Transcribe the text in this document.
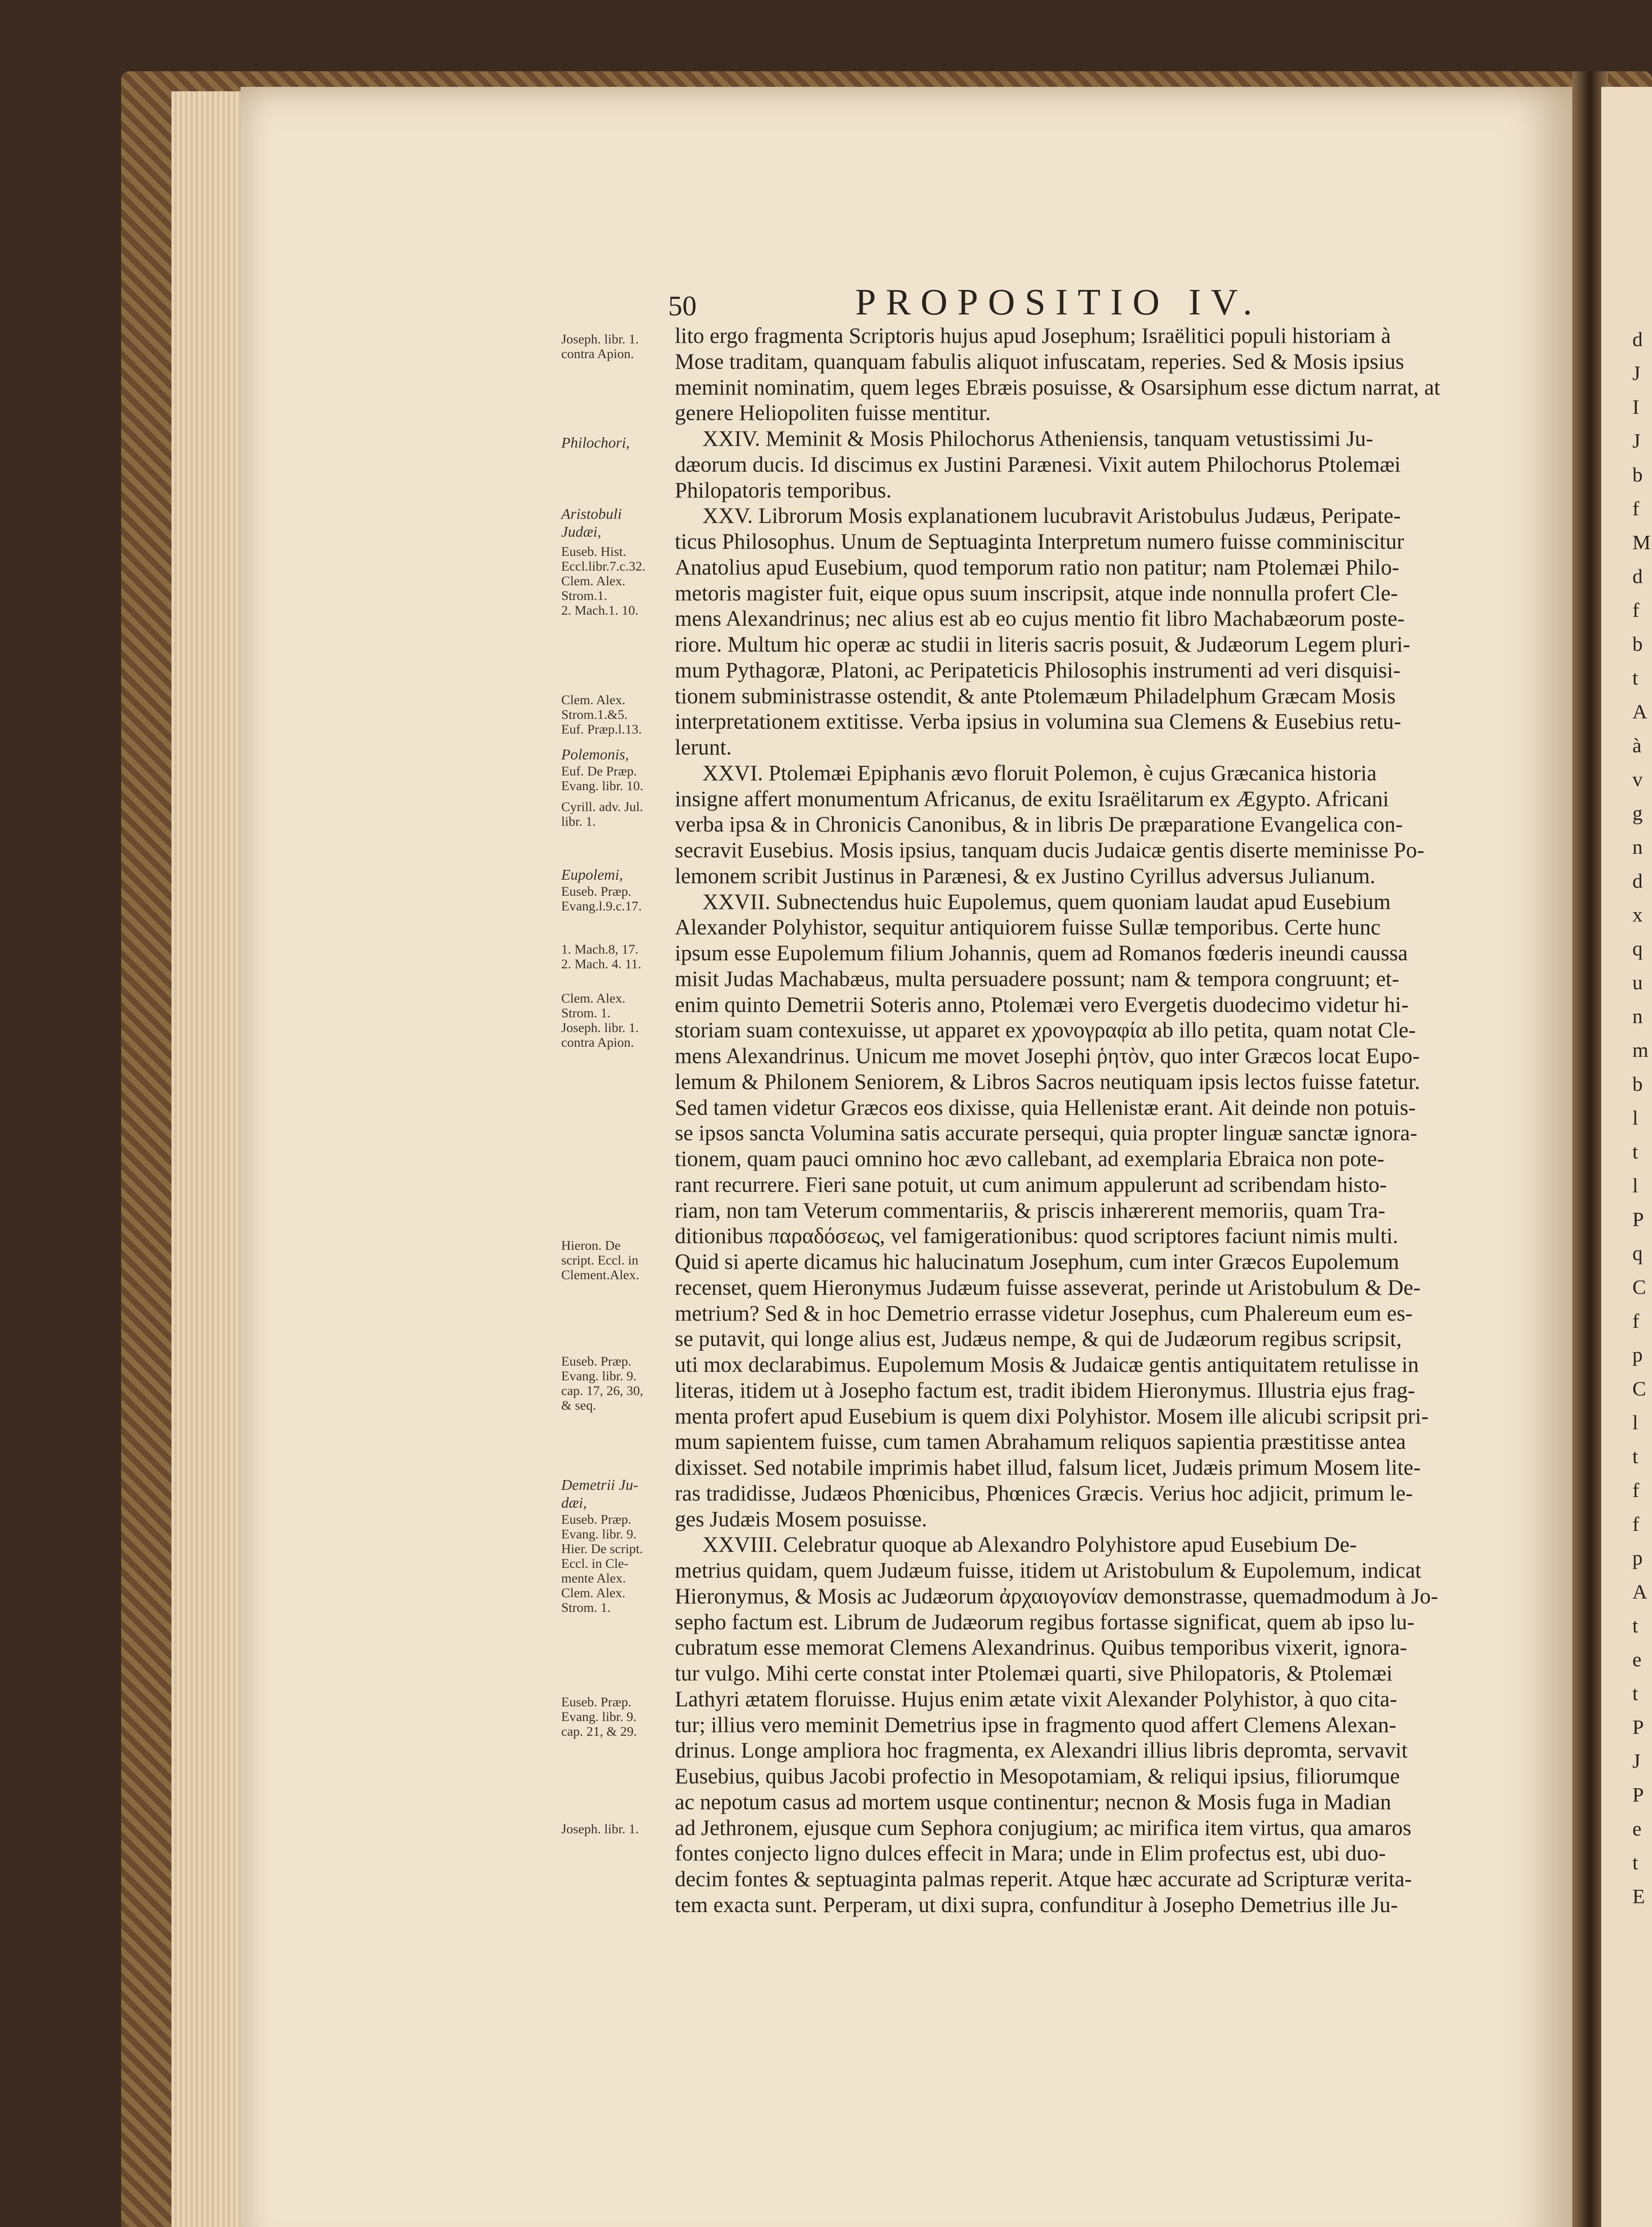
d
J
I
J
b
f
M
d
f
b
t
A
à
v
g
n
d
x
q
u
n
m
b
l
t
l
P
q
C
f
p
C
l
t
f
f
p
A
t
e
t
P
J
P
e
t
E
50	PROPOSITIO IV.
Joseph. libr. 1.
contra Apion.
Philochori,
Aristobuli
Judæi,
Euseb. Hist.
Eccl.libr.7.c.32.
Clem. Alex.
Strom.1.
2. Mach.1. 10.
Clem. Alex.
Strom.1.&5.
Euf. Præp.l.13.
Polemonis,
Euf. De Præp.
Evang. libr. 10.
Cyrill. adv. Jul.
libr. 1.
Eupolemi,
Euseb. Præp.
Evang.l.9.c.17.
1. Mach.8, 17.
2. Mach. 4. 11.
Clem. Alex.
Strom. 1.
Joseph. libr. 1.
contra Apion.
Hieron. De
script. Eccl. in
Clement.Alex.
Euseb. Præp.
Evang. libr. 9.
cap. 17, 26, 30,
& seq.
Demetrii Ju-
dæi,
Euseb. Præp.
Evang. libr. 9.
Hier. De script.
Eccl. in Cle-
mente Alex.
Clem. Alex.
Strom. 1.
Euseb. Præp.
Evang. libr. 9.
cap. 21, & 29.
Joseph. libr. 1.
lito ergo fragmenta Scriptoris hujus apud Josephum; Israëlitici populi historiam à
Mose traditam, quanquam fabulis aliquot infuscatam, reperies. Sed & Mosis ipsius
meminit nominatim, quem leges Ebræis posuisse, & Osarsiphum esse dictum narrat, at
genere Heliopoliten fuisse mentitur.
XXIV. Meminit & Mosis Philochorus Atheniensis, tanquam vetustissimi Ju-
dæorum ducis. Id discimus ex Justini Parænesi. Vixit autem Philochorus Ptolemæi
Philopatoris temporibus.
XXV. Librorum Mosis explanationem lucubravit Aristobulus Judæus, Peripate-
ticus Philosophus. Unum de Septuaginta Interpretum numero fuisse comminiscitur
Anatolius apud Eusebium, quod temporum ratio non patitur; nam Ptolemæi Philo-
metoris magister fuit, eique opus suum inscripsit, atque inde nonnulla profert Cle-
mens Alexandrinus; nec alius est ab eo cujus mentio fit libro Machabæorum poste-
riore. Multum hic operæ ac studii in literis sacris posuit, & Judæorum Legem pluri-
mum Pythagoræ, Platoni, ac Peripateticis Philosophis instrumenti ad veri disquisi-
tionem subministrasse ostendit, & ante Ptolemæum Philadelphum Græcam Mosis
interpretationem extitisse. Verba ipsius in volumina sua Clemens & Eusebius retu-
lerunt.
XXVI. Ptolemæi Epiphanis ævo floruit Polemon, è cujus Græcanica historia
insigne affert monumentum Africanus, de exitu Israëlitarum ex Ægypto. Africani
verba ipsa & in Chronicis Canonibus, & in libris De præparatione Evangelica con-
secravit Eusebius. Mosis ipsius, tanquam ducis Judaicæ gentis diserte meminisse Po-
lemonem scribit Justinus in Parænesi, & ex Justino Cyrillus adversus Julianum.
XXVII. Subnectendus huic Eupolemus, quem quoniam laudat apud Eusebium
Alexander Polyhistor, sequitur antiquiorem fuisse Sullæ temporibus. Certe hunc
ipsum esse Eupolemum filium Johannis, quem ad Romanos fœderis ineundi caussa
misit Judas Machabæus, multa persuadere possunt; nam & tempora congruunt; et-
enim quinto Demetrii Soteris anno, Ptolemæi vero Evergetis duodecimo videtur hi-
storiam suam contexuisse, ut apparet ex χρονογραφία ab illo petita, quam notat Cle-
mens Alexandrinus. Unicum me movet Josephi ῥητὸν, quo inter Græcos locat Eupo-
lemum & Philonem Seniorem, & Libros Sacros neutiquam ipsis lectos fuisse fatetur.
Sed tamen videtur Græcos eos dixisse, quia Hellenistæ erant. Ait deinde non potuis-
se ipsos sancta Volumina satis accurate persequi, quia propter linguæ sanctæ ignora-
tionem, quam pauci omnino hoc ævo callebant, ad exemplaria Ebraica non pote-
rant recurrere. Fieri sane potuit, ut cum animum appulerunt ad scribendam histo-
riam, non tam Veterum commentariis, & priscis inhærerent memoriis, quam Tra-
ditionibus παραδόσεως, vel famigerationibus: quod scriptores faciunt nimis multi.
Quid si aperte dicamus hic halucinatum Josephum, cum inter Græcos Eupolemum
recenset, quem Hieronymus Judæum fuisse asseverat, perinde ut Aristobulum & De-
metrium? Sed & in hoc Demetrio errasse videtur Josephus, cum Phalereum eum es-
se putavit, qui longe alius est, Judæus nempe, & qui de Judæorum regibus scripsit,
uti mox declarabimus. Eupolemum Mosis & Judaicæ gentis antiquitatem retulisse in
literas, itidem ut à Josepho factum est, tradit ibidem Hieronymus. Illustria ejus frag-
menta profert apud Eusebium is quem dixi Polyhistor. Mosem ille alicubi scripsit pri-
mum sapientem fuisse, cum tamen Abrahamum reliquos sapientia præstitisse antea
dixisset. Sed notabile imprimis habet illud, falsum licet, Judæis primum Mosem lite-
ras tradidisse, Judæos Phœnicibus, Phœnices Græcis. Verius hoc adjicit, primum le-
ges Judæis Mosem posuisse.
XXVIII. Celebratur quoque ab Alexandro Polyhistore apud Eusebium De-
metrius quidam, quem Judæum fuisse, itidem ut Aristobulum & Eupolemum, indicat
Hieronymus, & Mosis ac Judæorum ἀρχαιογονίαν demonstrasse, quemadmodum à Jo-
sepho factum est. Librum de Judæorum regibus fortasse significat, quem ab ipso lu-
cubratum esse memorat Clemens Alexandrinus. Quibus temporibus vixerit, ignora-
tur vulgo. Mihi certe constat inter Ptolemæi quarti, sive Philopatoris, & Ptolemæi
Lathyri ætatem floruisse. Hujus enim ætate vixit Alexander Polyhistor, à quo cita-
tur; illius vero meminit Demetrius ipse in fragmento quod affert Clemens Alexan-
drinus. Longe ampliora hoc fragmenta, ex Alexandri illius libris depromta, servavit
Eusebius, quibus Jacobi profectio in Mesopotamiam, & reliqui ipsius, filiorumque
ac nepotum casus ad mortem usque continentur; necnon & Mosis fuga in Madian
ad Jethronem, ejusque cum Sephora conjugium; ac mirifica item virtus, qua amaros
fontes conjecto ligno dulces effecit in Mara; unde in Elim profectus est, ubi duo-
decim fontes & septuaginta palmas reperit. Atque hæc accurate ad Scripturæ verita-
tem exacta sunt. Perperam, ut dixi supra, confunditur à Josepho Demetrius ille Ju-
